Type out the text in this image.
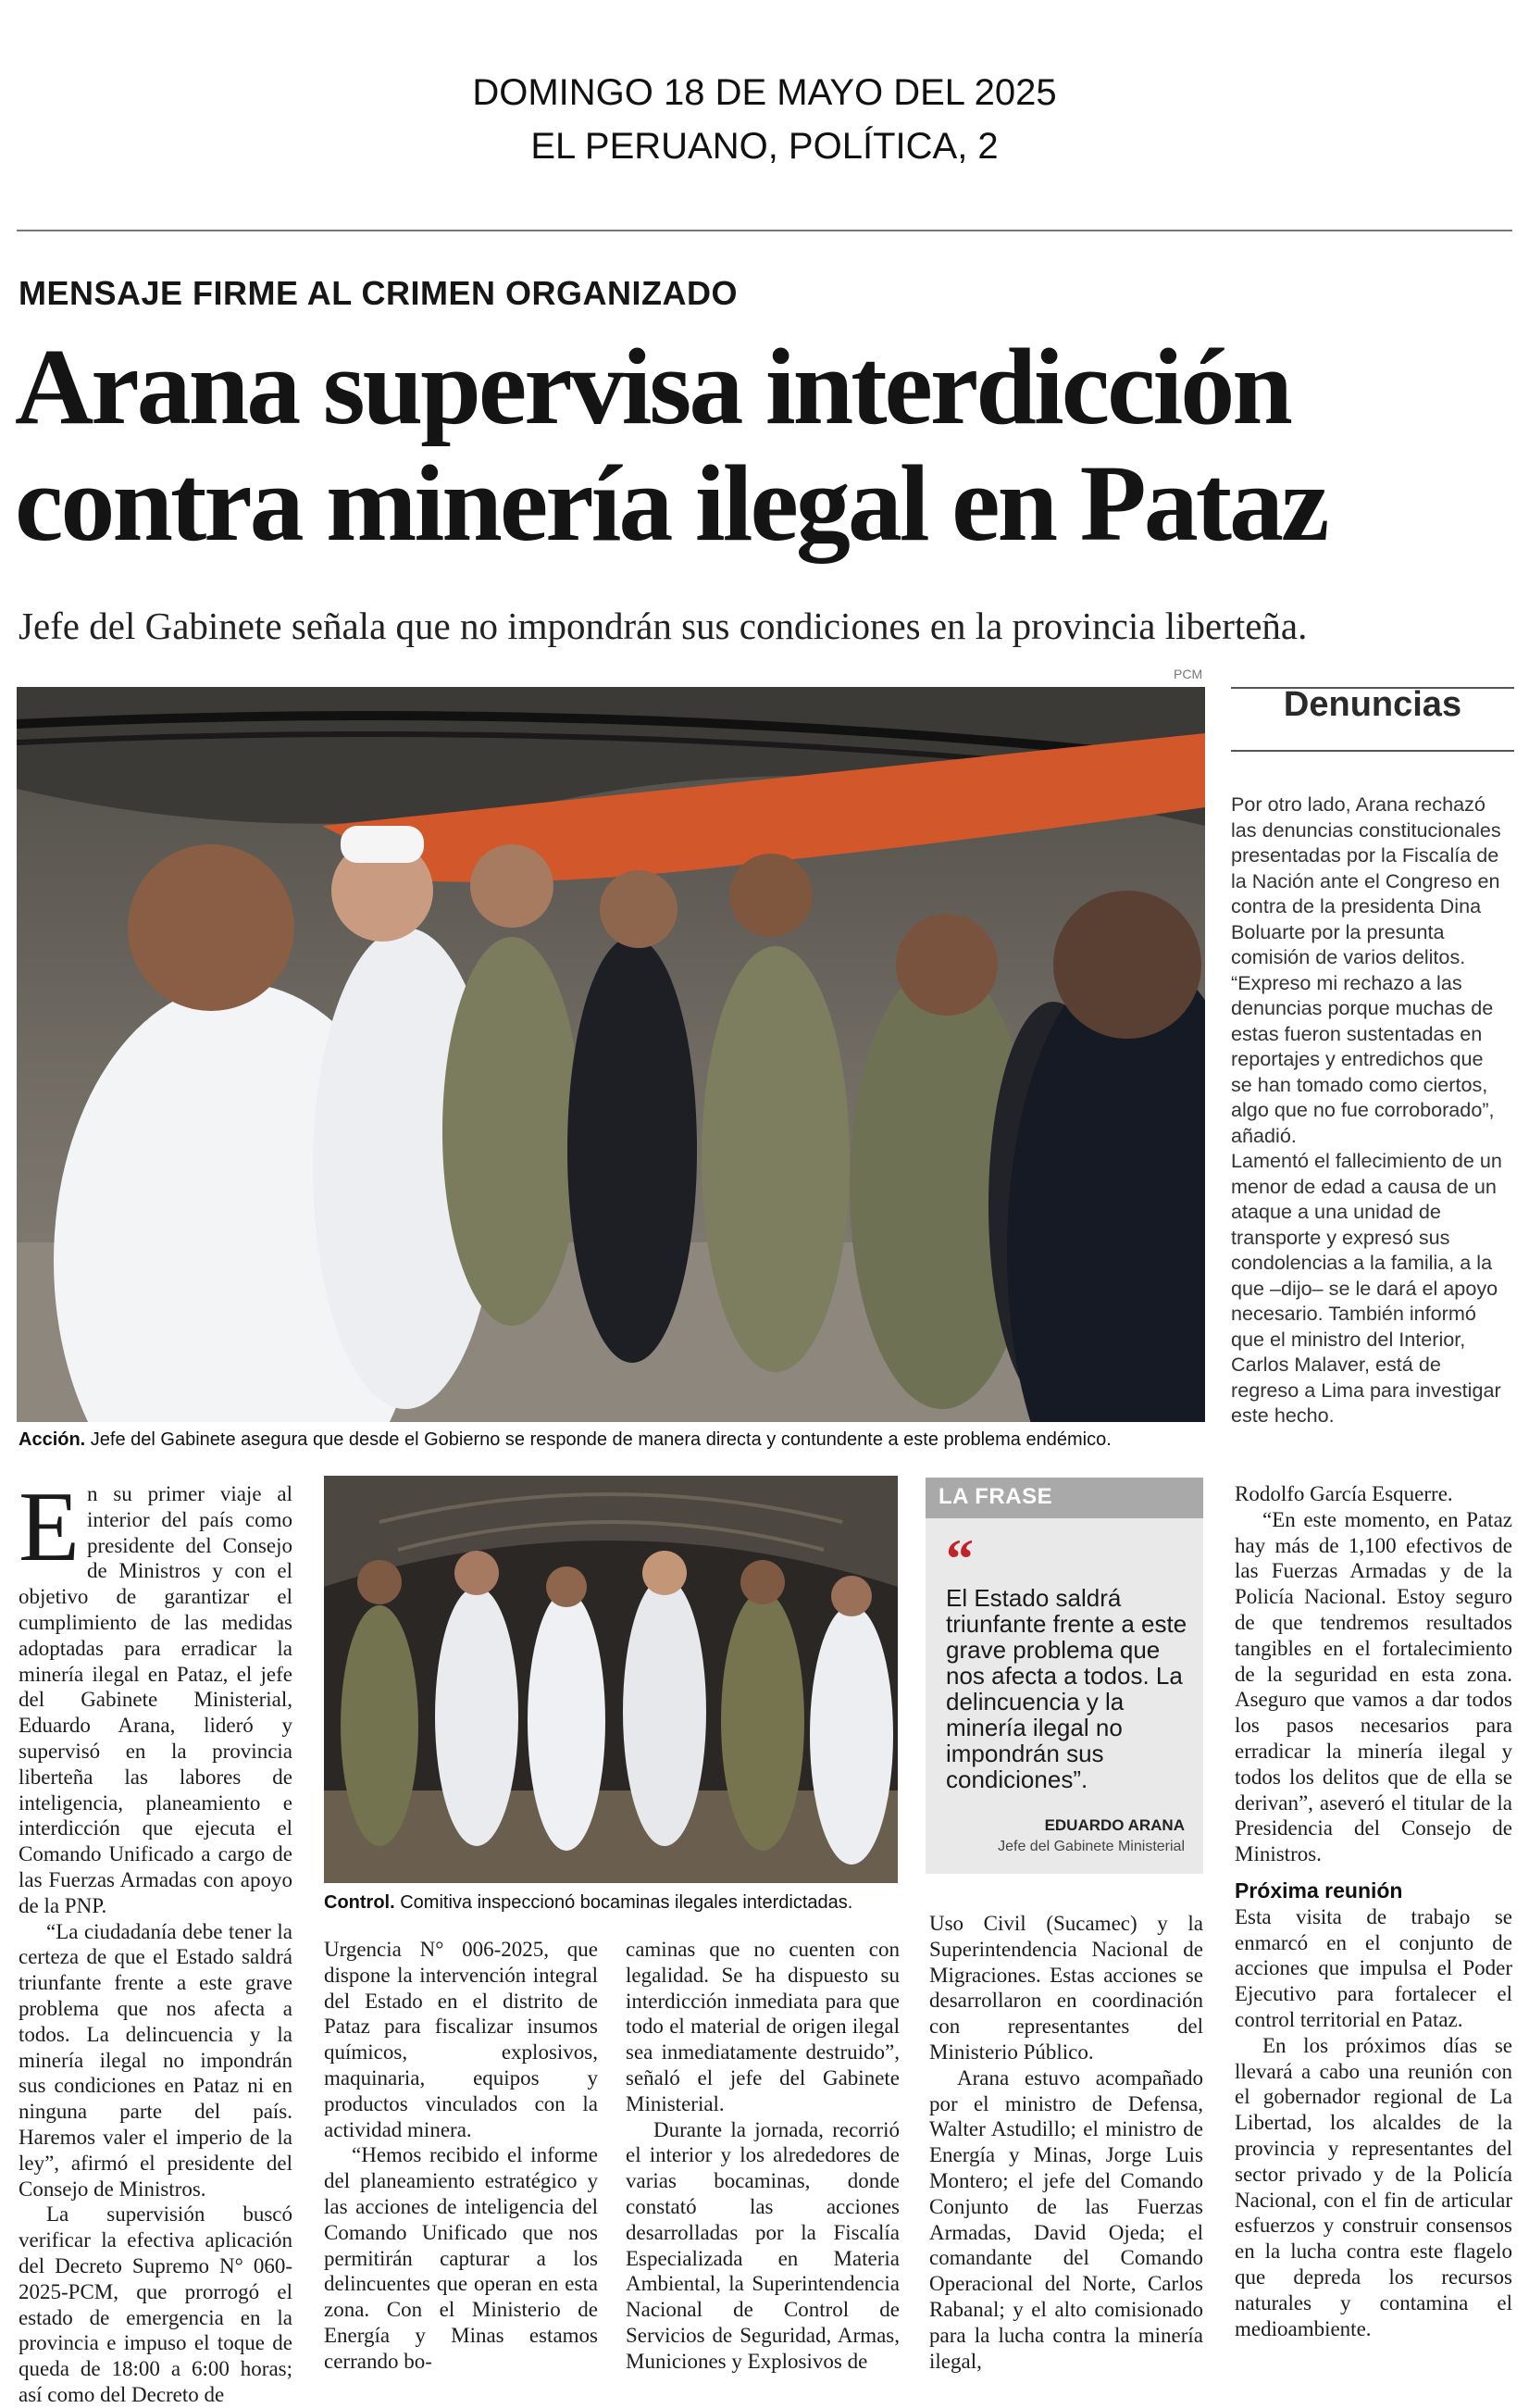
DOMINGO 18 DE MAYO DEL 2025
EL PERUANO, POLÍTICA, 2
MENSAJE FIRME AL CRIMEN ORGANIZADO
Arana supervisa interdicción
contra minería ilegal en Pataz
Jefe del Gabinete señala que no impondrán sus condiciones en la provincia liberteña.
PCM
Acción. Jefe del Gabinete asegura que desde el Gobierno se responde de manera directa y contundente a este problema endémico.
Denuncias

Por otro lado, Arana rechazó las denuncias constitucionales presentadas por la Fiscalía de la Nación ante el Congreso en contra de la presidenta Dina Boluarte por la presunta comisión de varios delitos.

“Expreso mi rechazo a las denuncias porque muchas de estas fueron sustentadas en reportajes y entredichos que se han tomado como ciertos, algo que no fue corroborado”, añadió.

Lamentó el fallecimiento de un menor de edad a causa de un ataque a una unidad de transporte y expresó sus condolencias a la familia, a la que –dijo– se le dará el apoyo necesario. También informó que el ministro del Interior, Carlos Malaver, está de regreso a Lima para investigar este hecho.

Control. Comitiva inspeccionó bocaminas ilegales interdictadas.
LA FRASE
“
El Estado saldrá triunfante frente a este grave problema que nos afecta a todos. La delincuencia y la minería ilegal no impondrán sus condiciones”.
EDUARDO ARANA
Jefe del Gabinete Ministerial

En su primer viaje al interior del país como presidente del Consejo de Ministros y con el objetivo de garantizar el cumplimiento de las medidas adoptadas para erradicar la minería ilegal en Pataz, el jefe del Gabinete Ministerial, Eduardo Arana, lideró y supervisó en la provincia liberteña las labores de inteligencia, planeamiento e interdicción que ejecuta el Comando Unificado a cargo de las Fuerzas Armadas con apoyo de la PNP.

“La ciudadanía debe tener la certeza de que el Estado saldrá triunfante frente a este grave problema que nos afecta a todos. La delincuencia y la minería ilegal no impondrán sus condiciones en Pataz ni en ninguna parte del país. Haremos valer el imperio de la ley”, afirmó el presidente del Consejo de Ministros.

La supervisión buscó verificar la efectiva aplicación del Decreto Supremo N° 060-2025-PCM, que prorrogó el estado de emergencia en la provincia e impuso el toque de queda de 18:00 a 6:00 horas; así como del Decreto de

Urgencia N° 006-2025, que dispone la intervención integral del Estado en el distrito de Pataz para fiscalizar insumos químicos, explosivos, maquinaria, equipos y productos vinculados con la actividad minera.

“Hemos recibido el informe del planeamiento estratégico y las acciones de inteligencia del Comando Unificado que nos permitirán capturar a los delincuentes que operan en esta zona. Con el Ministerio de Energía y Minas estamos cerrando bo-

caminas que no cuenten con legalidad. Se ha dispuesto su interdicción inmediata para que todo el material de origen ilegal sea inmediatamente destruido”, señaló el jefe del Gabinete Ministerial.

Durante la jornada, recorrió el interior y los alrededores de varias bocaminas, donde constató las acciones desarrolladas por la Fiscalía Especializada en Materia Ambiental, la Superintendencia Nacional de Control de Servicios de Seguridad, Armas, Municiones y Explosivos de

Uso Civil (Sucamec) y la Superintendencia Nacional de Migraciones. Estas acciones se desarrollaron en coordinación con representantes del Ministerio Público.

Arana estuvo acompañado por el ministro de Defensa, Walter Astudillo; el ministro de Energía y Minas, Jorge Luis Montero; el jefe del Comando Conjunto de las Fuerzas Armadas, David Ojeda; el comandante del Comando Operacional del Norte, Carlos Rabanal; y el alto comisionado para la lucha contra la minería ilegal,

Rodolfo García Esquerre.

“En este momento, en Pataz hay más de 1,100 efectivos de las Fuerzas Armadas y de la Policía Nacional. Estoy seguro de que tendremos resultados tangibles en el fortalecimiento de la seguridad en esta zona. Aseguro que vamos a dar todos los pasos necesarios para erradicar la minería ilegal y todos los delitos que de ella se derivan”, aseveró el titular de la Presidencia del Consejo de Ministros.

Próxima reunión

Esta visita de trabajo se enmarcó en el conjunto de acciones que impulsa el Poder Ejecutivo para fortalecer el control territorial en Pataz.

En los próximos días se llevará a cabo una reunión con el gobernador regional de La Libertad, los alcaldes de la provincia y representantes del sector privado y de la Policía Nacional, con el fin de articular esfuerzos y construir consensos en la lucha contra este flagelo que depreda los recursos naturales y contamina el medioambiente.
